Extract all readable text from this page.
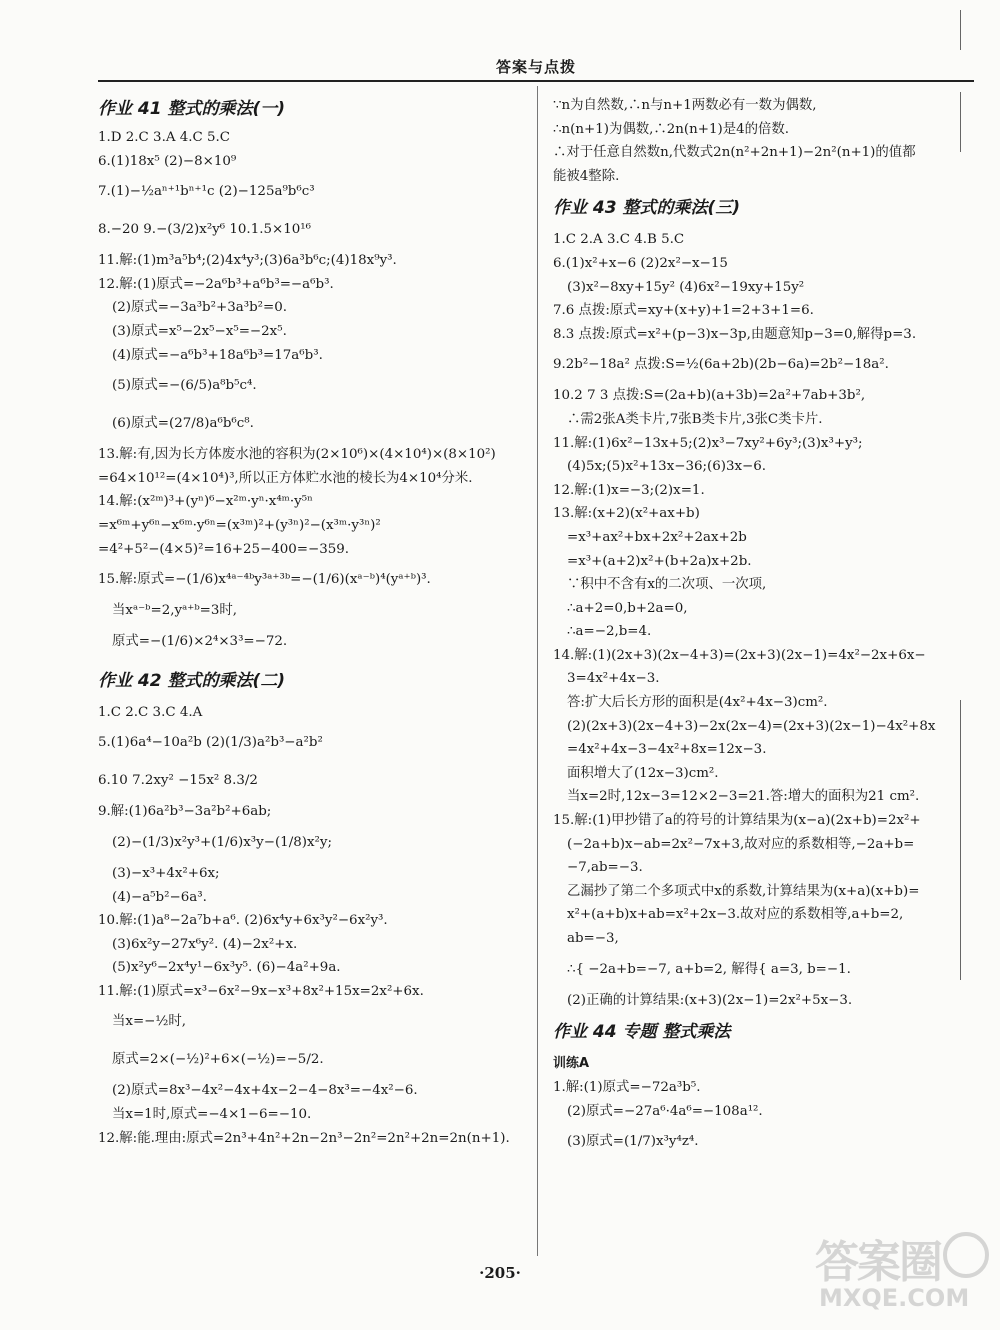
答案与点拨
作业 41 整式的乘法(一)
1.D 2.C 3.A 4.C 5.C
6.(1)18x⁵ (2)−8×10⁹
7.(1)−½aⁿ⁺¹bⁿ⁺¹c (2)−125a⁹b⁶c³
8.−20 9.−(3/2)x²y⁶ 10.1.5×10¹⁶
11.解:(1)m³a⁵b⁴;(2)4x⁴y³;(3)6a³b⁶c;(4)18x⁹y³.
12.解:(1)原式=−2a⁶b³+a⁶b³=−a⁶b³.
(2)原式=−3a³b²+3a³b²=0.
(3)原式=x⁵−2x⁵−x⁵=−2x⁵.
(4)原式=−a⁶b³+18a⁶b³=17a⁶b³.
(5)原式=−(6/5)a⁸b⁵c⁴.
(6)原式=(27/8)a⁶b⁶c⁸.
13.解:有,因为长方体废水池的容积为(2×10⁶)×(4×10⁴)×(8×10²)
=64×10¹²=(4×10⁴)³,所以正方体贮水池的棱长为4×10⁴分米.
14.解:(x²ᵐ)³+(yⁿ)⁶−x²ᵐ·yⁿ·x⁴ᵐ·y⁵ⁿ
=x⁶ᵐ+y⁶ⁿ−x⁶ᵐ·y⁶ⁿ=(x³ᵐ)²+(y³ⁿ)²−(x³ᵐ·y³ⁿ)²
=4²+5²−(4×5)²=16+25−400=−359.
15.解:原式=−(1/6)x⁴ᵃ⁻⁴ᵇy³ᵃ⁺³ᵇ=−(1/6)(xᵃ⁻ᵇ)⁴(yᵃ⁺ᵇ)³.
当xᵃ⁻ᵇ=2,yᵃ⁺ᵇ=3时,
原式=−(1/6)×2⁴×3³=−72.
作业 42 整式的乘法(二)
1.C 2.C 3.C 4.A
5.(1)6a⁴−10a²b (2)(1/3)a²b³−a²b²
6.10 7.2xy² −15x² 8.3/2
9.解:(1)6a²b³−3a²b²+6ab;
(2)−(1/3)x²y³+(1/6)x³y−(1/8)x²y;
(3)−x³+4x²+6x;
(4)−a⁵b²−6a³.
10.解:(1)a⁸−2a⁷b+a⁶. (2)6x⁴y+6x³y²−6x²y³.
(3)6x²y−27x⁶y². (4)−2x²+x.
(5)x²y⁶−2x⁴y¹−6x³y⁵. (6)−4a²+9a.
11.解:(1)原式=x³−6x²−9x−x³+8x²+15x=2x²+6x.
当x=−½时,
原式=2×(−½)²+6×(−½)=−5/2.
(2)原式=8x³−4x²−4x+4x−2−4−8x³=−4x²−6.
当x=1时,原式=−4×1−6=−10.
12.解:能.理由:原式=2n³+4n²+2n−2n³−2n²=2n²+2n=2n(n+1).
∵n为自然数,∴n与n+1两数必有一数为偶数,
∴n(n+1)为偶数,∴2n(n+1)是4的倍数.
∴对于任意自然数n,代数式2n(n²+2n+1)−2n²(n+1)的值都
能被4整除.
作业 43 整式的乘法(三)
1.C 2.A 3.C 4.B 5.C
6.(1)x²+x−6 (2)2x²−x−15
(3)x²−8xy+15y² (4)6x²−19xy+15y²
7.6 点拨:原式=xy+(x+y)+1=2+3+1=6.
8.3 点拨:原式=x²+(p−3)x−3p,由题意知p−3=0,解得p=3.
9.2b²−18a² 点拨:S=½(6a+2b)(2b−6a)=2b²−18a².
10.2 7 3 点拨:S=(2a+b)(a+3b)=2a²+7ab+3b²,
∴需2张A类卡片,7张B类卡片,3张C类卡片.
11.解:(1)6x²−13x+5;(2)x³−7xy²+6y³;(3)x³+y³;
(4)5x;(5)x²+13x−36;(6)3x−6.
12.解:(1)x=−3;(2)x=1.
13.解:(x+2)(x²+ax+b)
=x³+ax²+bx+2x²+2ax+2b
=x³+(a+2)x²+(b+2a)x+2b.
∵积中不含有x的二次项、一次项,
∴a+2=0,b+2a=0,
∴a=−2,b=4.
14.解:(1)(2x+3)(2x−4+3)=(2x+3)(2x−1)=4x²−2x+6x−
3=4x²+4x−3.
答:扩大后长方形的面积是(4x²+4x−3)cm².
(2)(2x+3)(2x−4+3)−2x(2x−4)=(2x+3)(2x−1)−4x²+8x
=4x²+4x−3−4x²+8x=12x−3.
面积增大了(12x−3)cm².
当x=2时,12x−3=12×2−3=21.答:增大的面积为21 cm².
15.解:(1)甲抄错了a的符号的计算结果为(x−a)(2x+b)=2x²+
(−2a+b)x−ab=2x²−7x+3,故对应的系数相等,−2a+b=
−7,ab=−3.
乙漏抄了第二个多项式中x的系数,计算结果为(x+a)(x+b)=
x²+(a+b)x+ab=x²+2x−3.故对应的系数相等,a+b=2,
ab=−3,
∴{ −2a+b=−7, a+b=2, 解得{ a=3, b=−1.
(2)正确的计算结果:(x+3)(2x−1)=2x²+5x−3.
作业 44 专题 整式乘法
训练A
1.解:(1)原式=−72a³b⁵.
(2)原式=−27a⁶·4a⁶=−108a¹².
(3)原式=(1/7)x³y⁴z⁴.
·205·	答案圈
MXQE.COM
